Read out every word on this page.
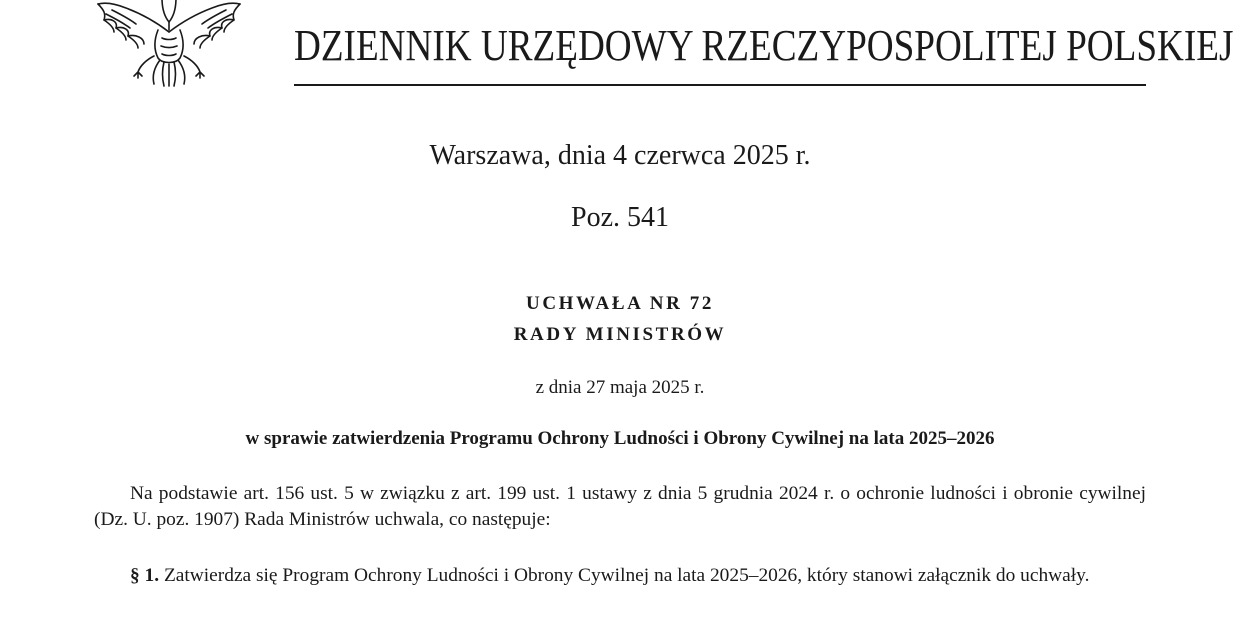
DZIENNIK URZĘDOWY RZECZYPOSPOLITEJ POLSKIEJ
Warszawa, dnia 4 czerwca 2025 r.
Poz. 541
UCHWAŁA NR 72
RADY MINISTRÓW
z dnia 27 maja 2025 r.
w sprawie zatwierdzenia Programu Ochrony Ludności i Obrony Cywilnej na lata 2025–2026
Na podstawie art. 156 ust. 5 w związku z art. 199 ust. 1 ustawy z dnia 5 grudnia 2024 r. o ochronie ludności i obronie cywilnej (Dz. U. poz. 1907) Rada Ministrów uchwala, co następuje:
§ 1. Zatwierdza się Program Ochrony Ludności i Obrony Cywilnej na lata 2025–2026, który stanowi załącznik do uchwały.
